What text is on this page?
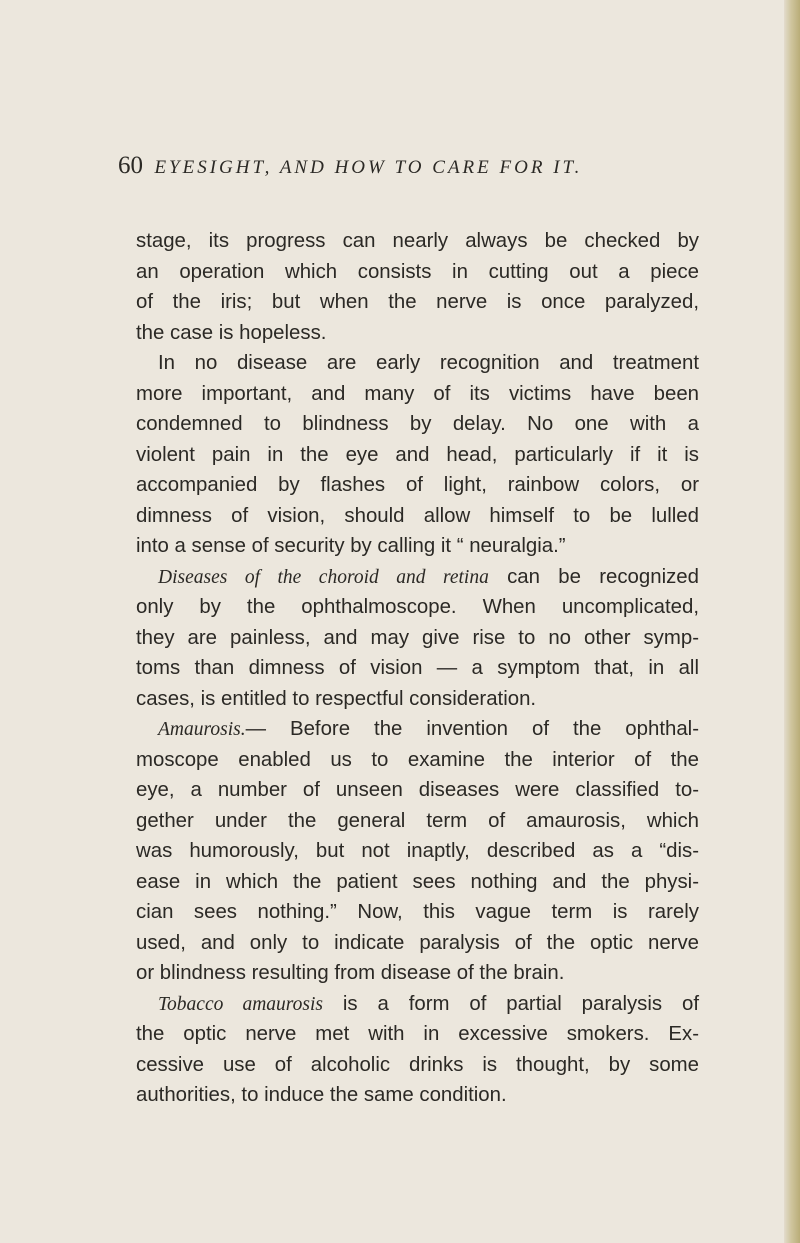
60 EYESIGHT, AND HOW TO CARE FOR IT.
stage, its progress can nearly always be checked by
an operation which consists in cutting out a piece
of the iris; but when the nerve is once paralyzed,
the case is hopeless.
In no disease are early recognition and treatment
more important, and many of its victims have been
condemned to blindness by delay. No one with a
violent pain in the eye and head, particularly if it is
accompanied by flashes of light, rainbow colors, or
dimness of vision, should allow himself to be lulled
into a sense of security by calling it “ neuralgia.”
Diseases of the choroid and retina can be recognized
only by the ophthalmoscope. When uncomplicated,
they are painless, and may give rise to no other symp-
toms than dimness of vision — a symptom that, in all
cases, is entitled to respectful consideration.
Amaurosis.— Before the invention of the ophthal-
moscope enabled us to examine the interior of the
eye, a number of unseen diseases were classified to-
gether under the general term of amaurosis, which
was humorously, but not inaptly, described as a “dis-
ease in which the patient sees nothing and the physi-
cian sees nothing.” Now, this vague term is rarely
used, and only to indicate paralysis of the optic nerve
or blindness resulting from disease of the brain.
Tobacco amaurosis is a form of partial paralysis of
the optic nerve met with in excessive smokers. Ex-
cessive use of alcoholic drinks is thought, by some
authorities, to induce the same condition.
